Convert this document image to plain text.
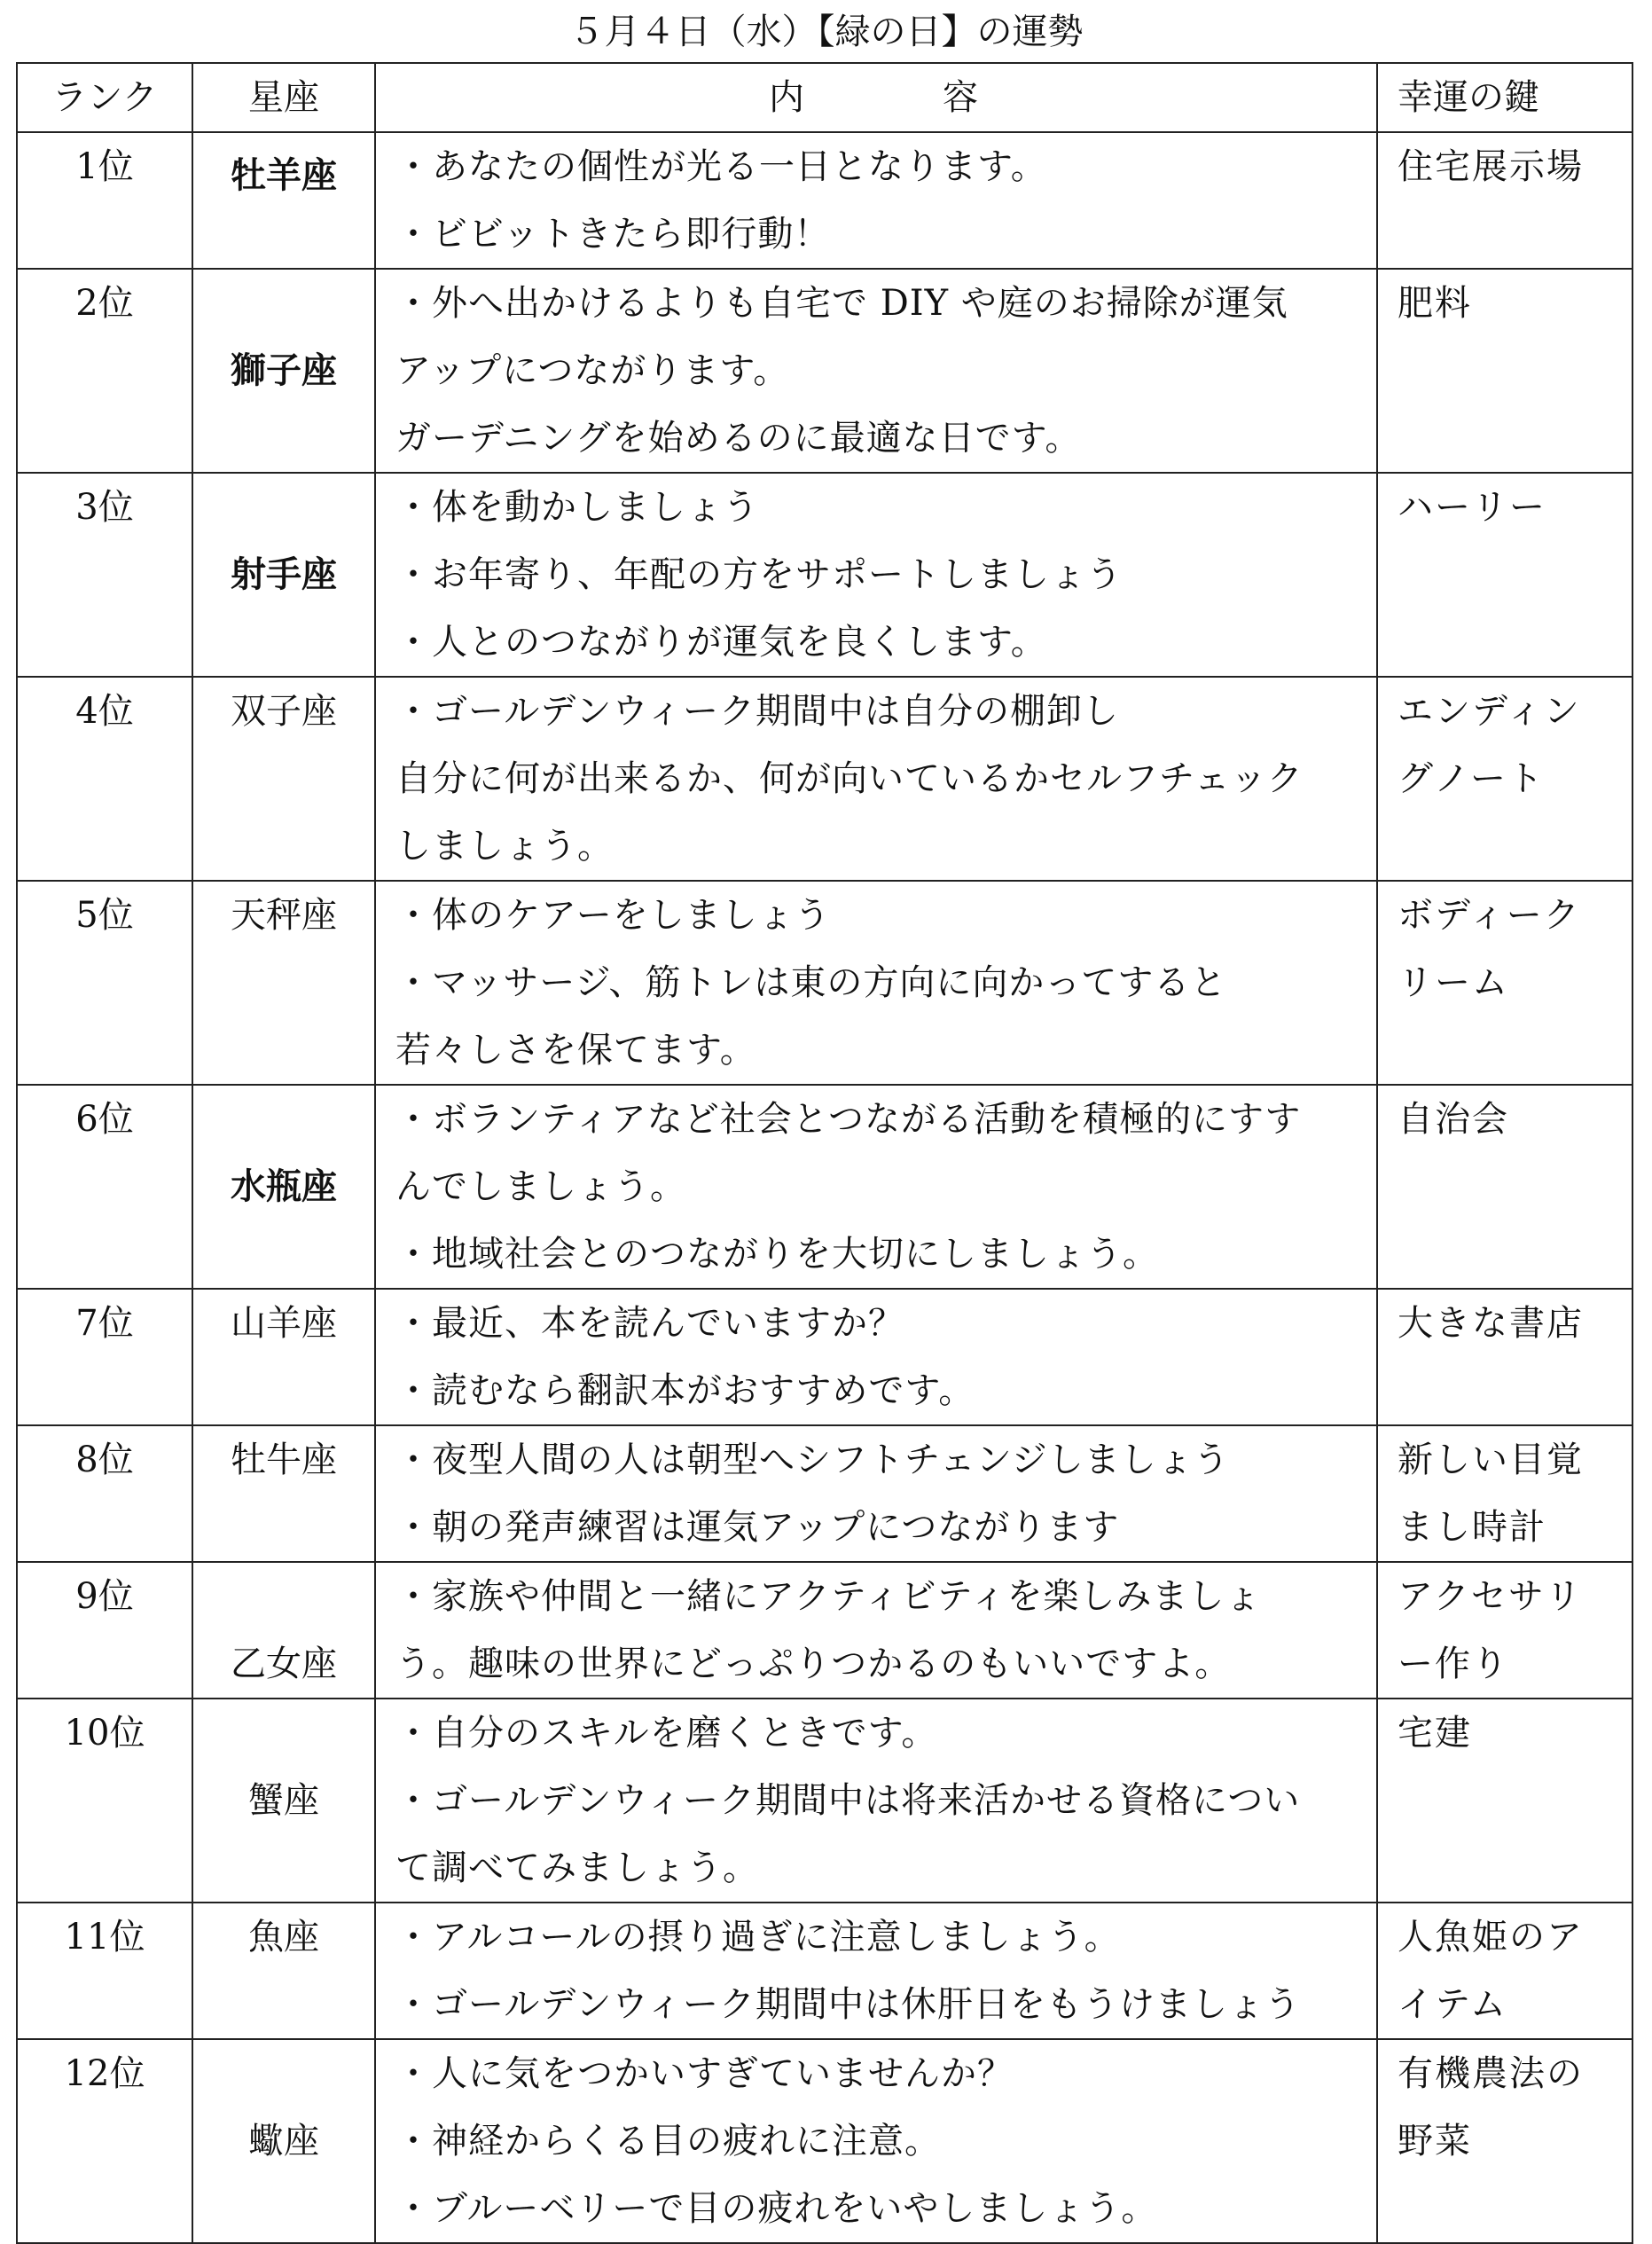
５月４日（水）【緑の日】の運勢
ランク	星座	内 容	幸運の鍵
1位	牡羊座	・あなたの個性が光る一日となります。
・ビビットきたら即行動！	住宅展示場

2位	獅子座	・外へ出かけるよりも自宅で DIY や庭のお掃除が運気
アップにつながります。
ガーデニングを始めるのに最適な日です。	肥料

3位	射手座	・体を動かしましょう
・お年寄り、年配の方をサポートしましょう
・人とのつながりが運気を良くします。	ハーリー

4位	双子座	・ゴールデンウィーク期間中は自分の棚卸し
自分に何が出来るか、何が向いているかセルフチェック
しましょう。	エンディン
グノート

5位	天秤座	・体のケアーをしましょう
・マッサージ、筋トレは東の方向に向かってすると
若々しさを保てます。	ボディーク
リーム

6位	水瓶座	・ボランティアなど社会とつながる活動を積極的にすす
んでしましょう。
・地域社会とのつながりを大切にしましょう。	自治会

7位	山羊座	・最近、本を読んでいますか？
・読むなら翻訳本がおすすめです。	大きな書店

8位	牡牛座	・夜型人間の人は朝型へシフトチェンジしましょう
・朝の発声練習は運気アップにつながります	新しい目覚
まし時計

9位	乙女座	・家族や仲間と一緒にアクティビティを楽しみましょ
う。趣味の世界にどっぷりつかるのもいいですよ。	アクセサリ
ー作り

10位	蟹座	・自分のスキルを磨くときです。
・ゴールデンウィーク期間中は将来活かせる資格につい
て調べてみましょう。	宅建

11位	魚座	・アルコールの摂り過ぎに注意しましょう。
・ゴールデンウィーク期間中は休肝日をもうけましょう	人魚姫のア
イテム

12位	蠍座	・人に気をつかいすぎていませんか？
・神経からくる目の疲れに注意。
・ブルーベリーで目の疲れをいやしましょう。	有機農法の
野菜
